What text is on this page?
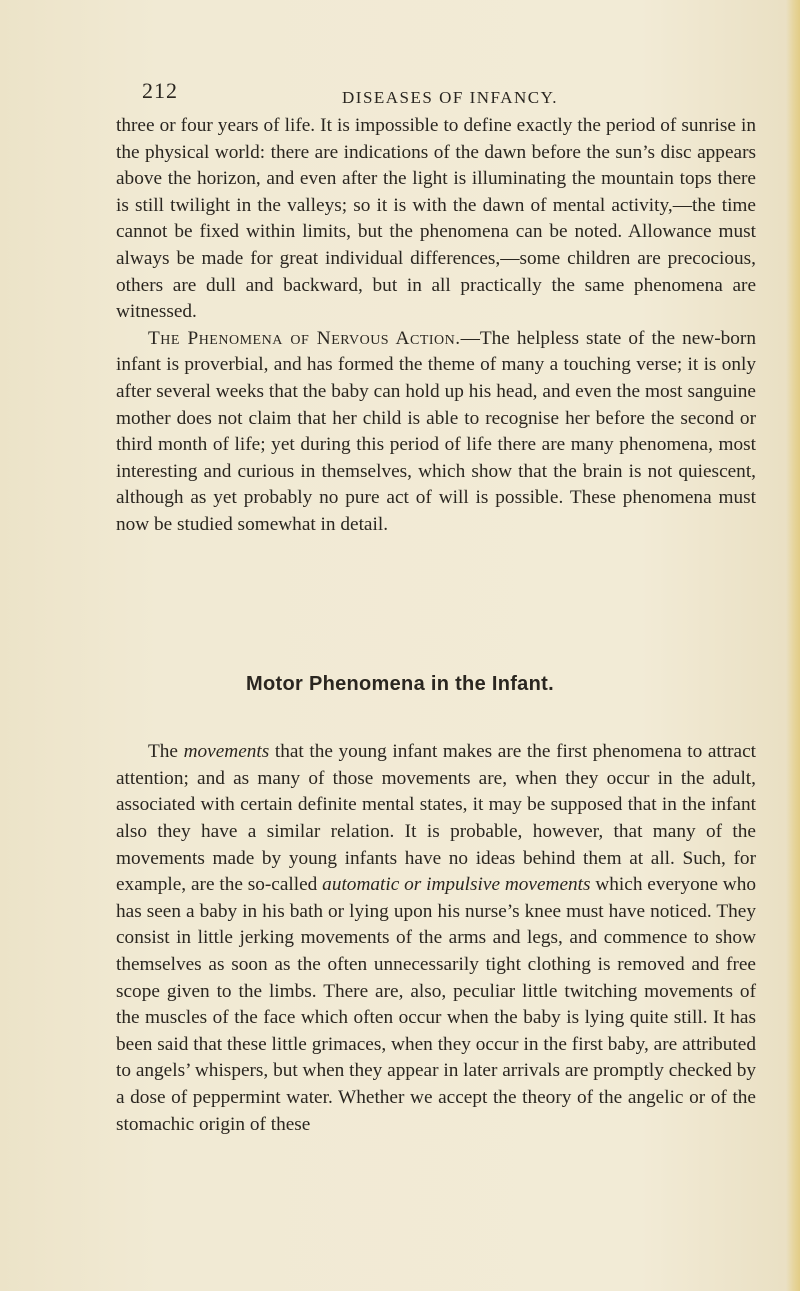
212	DISEASES OF INFANCY.

three or four years of life. It is impossible to define exactly the period of sunrise in the physical world: there are indications of the dawn before the sun’s disc appears above the horizon, and even after the light is illuminating the mountain tops there is still twilight in the valleys; so it is with the dawn of mental activity,—the time cannot be fixed within limits, but the phenomena can be noted. Allowance must always be made for great individual differences,—some children are precocious, others are dull and backward, but in all practically the same phenomena are witnessed.

The Phenomena of Nervous Action.—The helpless state of the new-born infant is proverbial, and has formed the theme of many a touching verse; it is only after several weeks that the baby can hold up his head, and even the most sanguine mother does not claim that her child is able to recognise her before the second or third month of life; yet during this period of life there are many phenomena, most interesting and curious in themselves, which show that the brain is not quiescent, although as yet probably no pure act of will is possible. These phenomena must now be studied somewhat in detail.

Motor Phenomena in the Infant.

The movements that the young infant makes are the first phenomena to attract attention; and as many of those movements are, when they occur in the adult, associated with certain definite mental states, it may be supposed that in the infant also they have a similar relation. It is probable, however, that many of the movements made by young infants have no ideas behind them at all. Such, for example, are the so-called automatic or impulsive movements which everyone who has seen a baby in his bath or lying upon his nurse’s knee must have noticed. They consist in little jerking movements of the arms and legs, and commence to show themselves as soon as the often unnecessarily tight clothing is removed and free scope given to the limbs. There are, also, peculiar little twitching movements of the muscles of the face which often occur when the baby is lying quite still. It has been said that these little grimaces, when they occur in the first baby, are attributed to angels’ whispers, but when they appear in later arrivals are promptly checked by a dose of peppermint water. Whether we accept the theory of the angelic or of the stomachic origin of these
